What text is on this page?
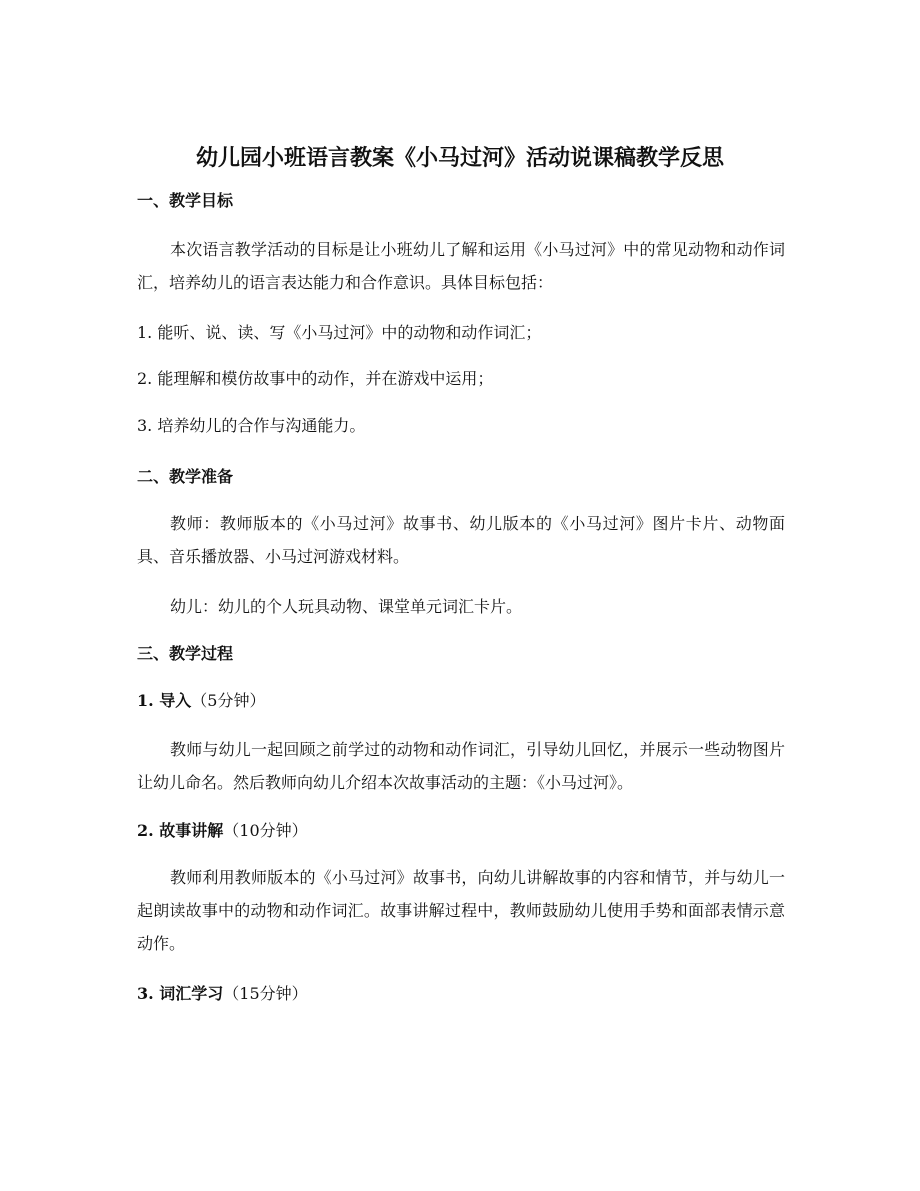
幼儿园小班语言教案《小马过河》活动说课稿教学反思
一、教学目标

本次语言教学活动的目标是让小班幼儿了解和运用《小马过河》中的常见动物和动作词汇，培养幼儿的语言表达能力和合作意识。具体目标包括：

1. 能听、说、读、写《小马过河》中的动物和动作词汇；
2. 能理解和模仿故事中的动作，并在游戏中运用；
3. 培养幼儿的合作与沟通能力。
二、教学准备

教师：教师版本的《小马过河》故事书、幼儿版本的《小马过河》图片卡片、动物面具、音乐播放器、小马过河游戏材料。

幼儿：幼儿的个人玩具动物、课堂单元词汇卡片。

三、教学过程
1. 导入（5分钟）

教师与幼儿一起回顾之前学过的动物和动作词汇，引导幼儿回忆，并展示一些动物图片让幼儿命名。然后教师向幼儿介绍本次故事活动的主题：《小马过河》。

2. 故事讲解（10分钟）

教师利用教师版本的《小马过河》故事书，向幼儿讲解故事的内容和情节，并与幼儿一起朗读故事中的动物和动作词汇。故事讲解过程中，教师鼓励幼儿使用手势和面部表情示意动作。

3. 词汇学习（15分钟）
